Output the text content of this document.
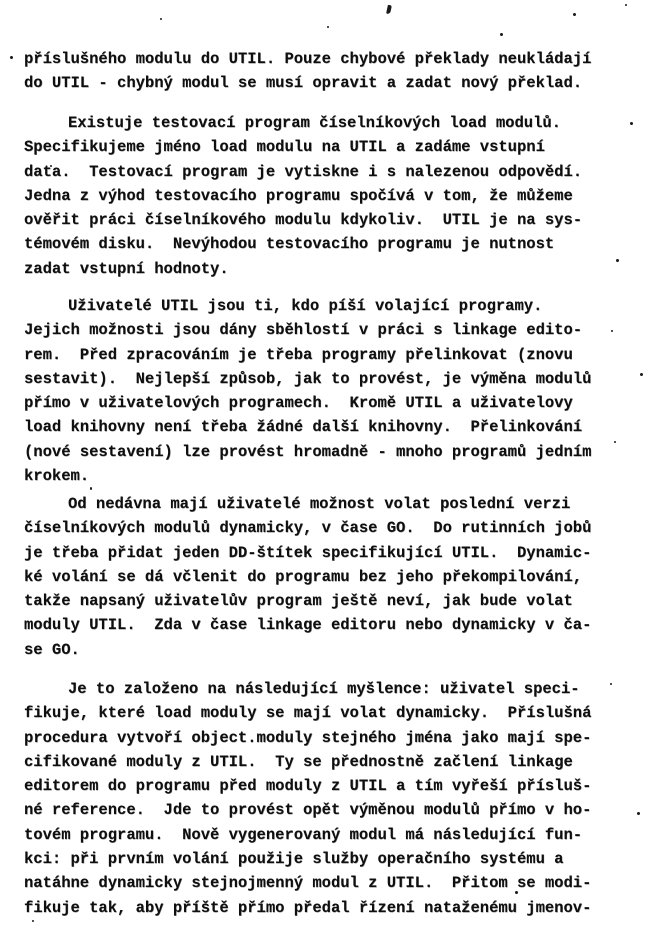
příslušného modulu do UTIL. Pouze chybové překlady neukládají
do UTIL - chybný modul se musí opravit a zadat nový překlad.
Existuje testovací program číselníkových load modulů.
Specifikujeme jméno load modulu na UTIL a zadáme vstupní
data.  Testovací program je vytiskne i s nalezenou odpovědí.
Jedna z výhod testovacího programu spočívá v tom, že můžeme
ověřit práci číselníkového modulu kdykoliv.  UTIL je na sys-
témovém disku.  Nevýhodou testovacího programu je nutnost
zadat vstupní hodnoty.
Uživatelé UTIL jsou ti, kdo píší volající programy.
Jejich možnosti jsou dány sběhlostí v práci s linkage edito-
rem.  Před zpracováním je třeba programy přelinkovat (znovu
sestavit).  Nejlepší způsob, jak to provést, je výměna modulů
přímo v uživatelových programech.  Kromě UTIL a uživatelovy
load knihovny není třeba žádné další knihovny.  Přelinkování
(nové sestavení) lze provést hromadně - mnoho programů jedním
krokem.
Od nedávna mají uživatelé možnost volat poslední verzi
číselníkových modulů dynamicky, v čase GO.  Do rutinních jobů
je třeba přidat jeden DD-štítek specifikující UTIL.  Dynamic-
ké volání se dá včlenit do programu bez jeho překompilování,
takže napsaný uživatelův program ještě neví, jak bude volat
moduly UTIL.  Zda v čase linkage editoru nebo dynamicky v ča-
se GO.
Je to založeno na následující myšlence: uživatel speci-
fikuje, které load moduly se mají volat dynamicky.  Příslušná
procedura vytvoří object.moduly stejného jména jako mají spe-
cifikované moduly z UTIL.  Ty se přednostně začlení linkage
editorem do programu před moduly z UTIL a tím vyřeší přísluš-
né reference.  Jde to provést opět výměnou modulů přímo v ho-
tovém programu.  Nově vygenerovaný modul má následující fun-
kci: při prvním volání použije služby operačního systému a
natáhne dynamicky stejnojmenný modul z UTIL.  Přitom se modi-
fikuje tak, aby příště přímo předal řízení nataženému jmenov-
